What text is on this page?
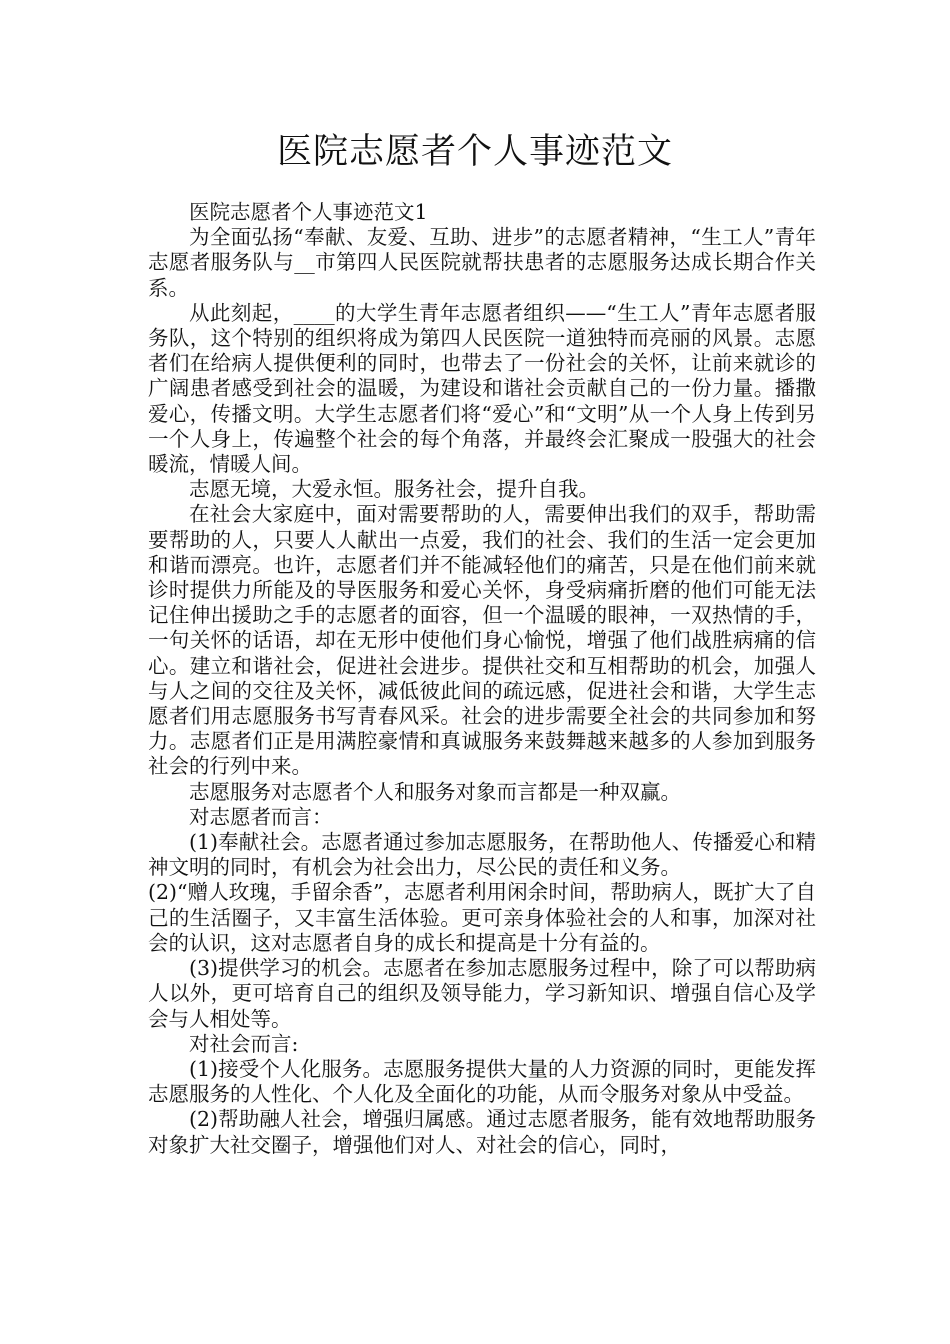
医院志愿者个人事迹范文

医院志愿者个人事迹范文1

为全面弘扬“奉献、友爱、互助、进步”的志愿者精神，“生工人”青年志愿者服务队与__市第四人民医院就帮扶患者的志愿服务达成长期合作关系。

从此刻起，____的大学生青年志愿者组织——“生工人”青年志愿者服务队，这个特别的组织将成为第四人民医院一道独特而亮丽的风景。志愿者们在给病人提供便利的同时，也带去了一份社会的关怀，让前来就诊的广阔患者感受到社会的温暖，为建设和谐社会贡献自己的一份力量。播撒爱心，传播文明。大学生志愿者们将“爱心”和“文明”从一个人身上传到另一个人身上，传遍整个社会的每个角落，并最终会汇聚成一股强大的社会暖流，情暖人间。

志愿无境，大爱永恒。服务社会，提升自我。

在社会大家庭中，面对需要帮助的人，需要伸出我们的双手，帮助需要帮助的人，只要人人献出一点爱，我们的社会、我们的生活一定会更加和谐而漂亮。也许，志愿者们并不能减轻他们的痛苦，只是在他们前来就诊时提供力所能及的导医服务和爱心关怀，身受病痛折磨的他们可能无法记住伸出援助之手的志愿者的面容，但一个温暖的眼神，一双热情的手，一句关怀的话语，却在无形中使他们身心愉悦，增强了他们战胜病痛的信心。建立和谐社会，促进社会进步。提供社交和互相帮助的机会，加强人与人之间的交往及关怀，减低彼此间的疏远感，促进社会和谐，大学生志愿者们用志愿服务书写青春风采。社会的进步需要全社会的共同参加和努力。志愿者们正是用满腔豪情和真诚服务来鼓舞越来越多的人参加到服务社会的行列中来。

志愿服务对志愿者个人和服务对象而言都是一种双赢。

对志愿者而言：

(1)奉献社会。志愿者通过参加志愿服务，在帮助他人、传播爱心和精神文明的同时，有机会为社会出力，尽公民的责任和义务。

(2)“赠人玫瑰，手留余香”，志愿者利用闲余时间，帮助病人，既扩大了自己的生活圈子，又丰富生活体验。更可亲身体验社会的人和事，加深对社会的认识，这对志愿者自身的成长和提高是十分有益的。

(3)提供学习的机会。志愿者在参加志愿服务过程中，除了可以帮助病人以外，更可培育自己的组织及领导能力，学习新知识、增强自信心及学会与人相处等。

对社会而言:

(1)接受个人化服务。志愿服务提供大量的人力资源的同时，更能发挥志愿服务的人性化、个人化及全面化的功能，从而令服务对象从中受益。

(2)帮助融人社会，增强归属感。通过志愿者服务，能有效地帮助服务对象扩大社交圈子，增强他们对人、对社会的信心，同时，
